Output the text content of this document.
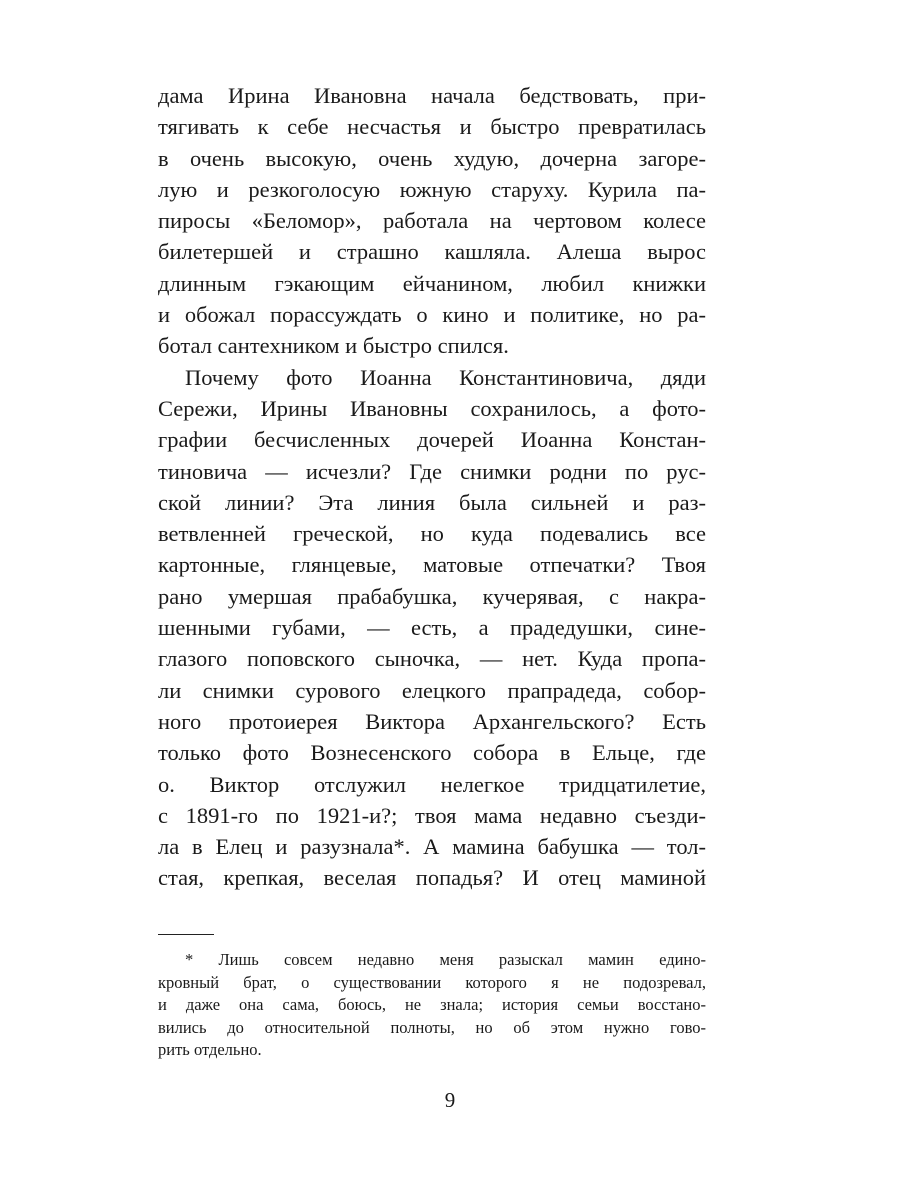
дама Ирина Ивановна начала бедствовать, при-
тягивать к себе несчастья и быстро превратилась
в очень высокую, очень худую, дочерна загоре-
лую и резкоголосую южную старуху. Курила па-
пиросы «Беломор», работала на чертовом колесе
билетершей и страшно кашляла. Алеша вырос
длинным гэкающим ейчанином, любил книжки
и обожал порассуждать о кино и политике, но ра-
ботал сантехником и быстро спился.
Почему фото Иоанна Константиновича, дяди
Сережи, Ирины Ивановны сохранилось, а фото-
графии бесчисленных дочерей Иоанна Констан-
тиновича — исчезли? Где снимки родни по рус-
ской линии? Эта линия была сильней и раз-
ветвленней греческой, но куда подевались все
картонные, глянцевые, матовые отпечатки? Твоя
рано умершая прабабушка, кучерявая, с накра-
шенными губами, — есть, а прадедушки, сине-
глазого поповского сыночка, — нет. Куда пропа-
ли снимки сурового елецкого прапрадеда, собор-
ного протоиерея Виктора Архангельского? Есть
только фото Вознесенского собора в Ельце, где
о. Виктор отслужил нелегкое тридцатилетие,
с 1891-го по 1921-и?; твоя мама недавно съезди-
ла в Елец и разузнала*. А мамина бабушка — тол-
стая, крепкая, веселая попадья? И отец маминой
* Лишь совсем недавно меня разыскал мамин едино-
кровный брат, о существовании которого я не подозревал,
и даже она сама, боюсь, не знала; история семьи восстано-
вились до относительной полноты, но об этом нужно гово-
рить отдельно.
9
